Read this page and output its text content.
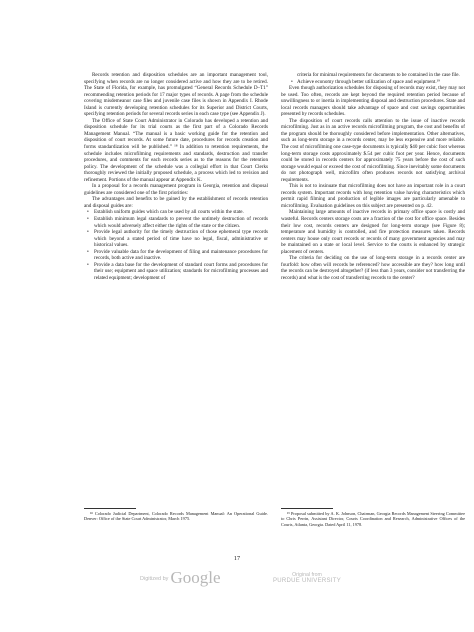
Records retention and disposition schedules are an important management tool, specifying when records are no longer considered active and how they are to be retired. The State of Florida, for example, has promulgated “General Records Schedule D–T1” recommending retention periods for 17 major types of records. A page from the schedule covering misdemeanor case files and juvenile case files is shown in Appendix I. Rhode Island is currently developing retention schedules for its Superior and District Courts, specifying retention periods for several records series in each case type (see Appendix J).

The Office of State Court Administrator in Colorado has developed a retention and disposition schedule for its trial courts as the first part of a Colorado Records Management Manual. “The manual is a basic working guide for the retention and disposition of court records. At some future date, procedures for records creation and forms standardization will be published.” ¹⁸ In addition to retention requirements, the schedule includes microfilming requirements and standards, destruction and transfer procedures, and comments for each records series as to the reasons for the retention policy. The development of the schedule was a collegial effort in that Court Clerks thoroughly reviewed the initially proposed schedule, a process which led to revision and refinement. Portions of the manual appear at Appendix K.

In a proposal for a records management program in Georgia, retention and disposal guidelines are considered one of the first priorities:

The advantages and benefits to be gained by the establishment of records retention and disposal guides are:

• Establish uniform guides which can be used by all courts within the state.
• Establish minimum legal standards to prevent the untimely destruction of records which would adversely affect either the rights of the state or the citizen.
• Provide legal authority for the timely destruction of those ephemeral type records which beyond a stated period of time have no legal, fiscal, administrative or historical values.
• Provide valuable data for the development of filing and maintenance procedures for records, both active and inactive.
• Provide a data base for the development of standard court forms and procedures for their use; equipment and space utilization; standards for microfilming processes and related equipment; development of

criteria for minimal requirements for documents to be contained in the case file.

• Achieve economy through better utilization of space and equipment.¹⁹

Even though authorization schedules for disposing of records may exist, they may not be used. Too often, records are kept beyond the required retention period because of unwillingness to or inertia in implementing disposal and destruction procedures. State and local records managers should take advantage of space and cost savings opportunities presented by records schedules.

The disposition of court records calls attention to the issue of inactive records microfilming. Just as in an active records microfilming program, the cost and benefits of the program should be thoroughly considered before implementation. Other alternatives, such as long-term storage in a records center, may be less expensive and more reliable. The cost of microfilming one case-type documents is typically $40 per cubic foot whereas long-term storage costs approximately $.54 per cubic foot per year. Hence, documents could be stored in records centers for approximately 75 years before the cost of such storage would equal or exceed the cost of microfilming. Since inevitably some documents do not photograph well, microfilm often produces records not satisfying archival requirements.

This is not to insinuate that microfilming does not have an important role in a court records system. Important records with long retention value having characteristics which permit rapid filming and production of legible images are particularly amenable to microfilming. Evaluation guidelines on this subject are presented on p. 42.

Maintaining large amounts of inactive records in primary office space is costly and wasteful. Records centers storage costs are a fraction of the cost for office space. Besides their low cost, records centers are designed for long-term storage (see Figure 8); temperature and humidity is controlled, and fire protection measures taken. Records centers may house only court records or records of many government agencies and may be maintained on a state or local level. Service to the courts is enhanced by strategic placement of centers.

The criteria for deciding on the use of long-term storage in a records center are fourfold: how often will records be referenced? how accessible are they? how long until the records can be destroyed altogether? (if less than 3 years, consider not transferring the records) and what is the cost of transferring records to the center?

¹⁸ Colorado Judicial Department, Colorado Records Management Manual: An Operational Guide. Denver: Office of the State Court Administrator, March 1975.

¹⁹ Proposal submitted by A. K. Johnson, Chairman, Georgia Records Management Steering Committee to Chris Perrin, Assistant Director, Courts Coordination and Research, Administrative Offices of the Courts, Atlanta, Georgia. Dated April 11, 1978.

17
Digitized by Google	Original from
PURDUE UNIVERSITY
